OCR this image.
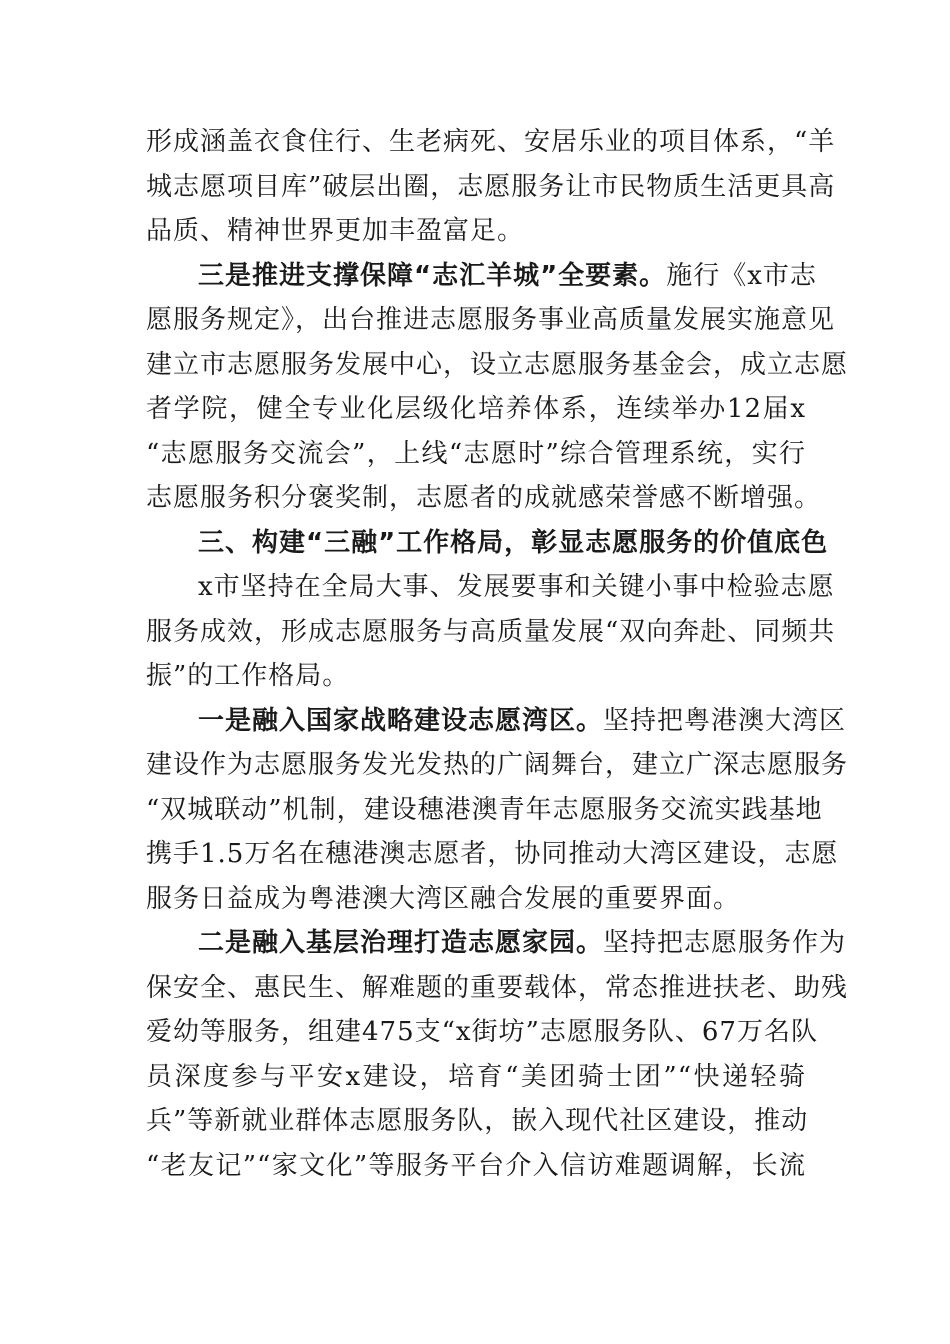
形成涵盖衣食住行、生老病死、安居乐业的项目体系，“羊
城志愿项目库”破层出圈，志愿服务让市民物质生活更具高
品质、精神世界更加丰盈富足。
三是推进支撑保障“志汇羊城”全要素。施行《x市志
愿服务规定》，出台推进志愿服务事业高质量发展实施意见
建立市志愿服务发展中心，设立志愿服务基金会，成立志愿
者学院，健全专业化层级化培养体系，连续举办12届x
“志愿服务交流会”，上线“志愿时”综合管理系统，实行
志愿服务积分褒奖制，志愿者的成就感荣誉感不断增强。
三、构建“三融”工作格局，彰显志愿服务的价值底色
x市坚持在全局大事、发展要事和关键小事中检验志愿
服务成效，形成志愿服务与高质量发展“双向奔赴、同频共
振”的工作格局。
一是融入国家战略建设志愿湾区。坚持把粤港澳大湾区
建设作为志愿服务发光发热的广阔舞台，建立广深志愿服务
“双城联动”机制，建设穗港澳青年志愿服务交流实践基地
携手1.5万名在穗港澳志愿者，协同推动大湾区建设，志愿
服务日益成为粤港澳大湾区融合发展的重要界面。
二是融入基层治理打造志愿家园。坚持把志愿服务作为
保安全、惠民生、解难题的重要载体，常态推进扶老、助残
爱幼等服务，组建475支“x街坊”志愿服务队、67万名队
员深度参与平安x建设，培育“美团骑士团”“快递轻骑
兵”等新就业群体志愿服务队，嵌入现代社区建设，推动
“老友记”“家文化”等服务平台介入信访难题调解，长流
